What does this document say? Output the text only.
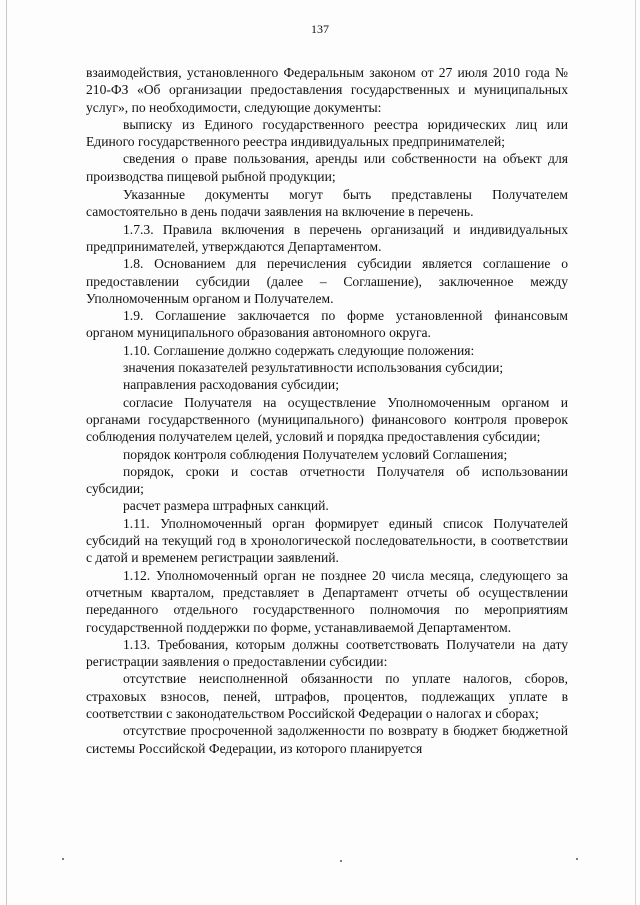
137

взаимодействия, установленного Федеральным законом от 27 июля 2010 года № 210-ФЗ «Об организации предоставления государственных и муниципальных услуг», по необходимости, следующие документы:

выписку из Единого государственного реестра юридических лиц или Единого государственного реестра индивидуальных предпринимателей;

сведения о праве пользования, аренды или собственности на объект для производства пищевой рыбной продукции;

Указанные документы могут быть представлены Получателем самостоятельно в день подачи заявления на включение в перечень.

1.7.3. Правила включения в перечень организаций и индивидуальных предпринимателей, утверждаются Департаментом.

1.8. Основанием для перечисления субсидии является соглашение о предоставлении субсидии (далее – Соглашение), заключенное между Уполномоченным органом и Получателем.

1.9. Соглашение заключается по форме установленной финансовым органом муниципального образования автономного округа.

1.10. Соглашение должно содержать следующие положения:

значения показателей результативности использования субсидии;

направления расходования субсидии;

согласие Получателя на осуществление Уполномоченным органом и органами государственного (муниципального) финансового контроля проверок соблюдения получателем целей, условий и порядка предоставления субсидии;

порядок контроля соблюдения Получателем условий Соглашения;

порядок, сроки и состав отчетности Получателя об использовании субсидии;

расчет размера штрафных санкций.

1.11. Уполномоченный орган формирует единый список Получателей субсидий на текущий год в хронологической последовательности, в соответствии с датой и временем регистрации заявлений.

1.12. Уполномоченный орган не позднее 20 числа месяца, следующего за отчетным кварталом, представляет в Департамент отчеты об осуществлении переданного отдельного государственного полномочия по мероприятиям государственной поддержки по форме, устанавливаемой Департаментом.

1.13. Требования, которым должны соответствовать Получатели на дату регистрации заявления о предоставлении субсидии:

отсутствие неисполненной обязанности по уплате налогов, сборов, страховых взносов, пеней, штрафов, процентов, подлежащих уплате в соответствии с законодательством Российской Федерации о налогах и сборах;

отсутствие просроченной задолженности по возврату в бюджет бюджетной системы Российской Федерации, из которого планируется
